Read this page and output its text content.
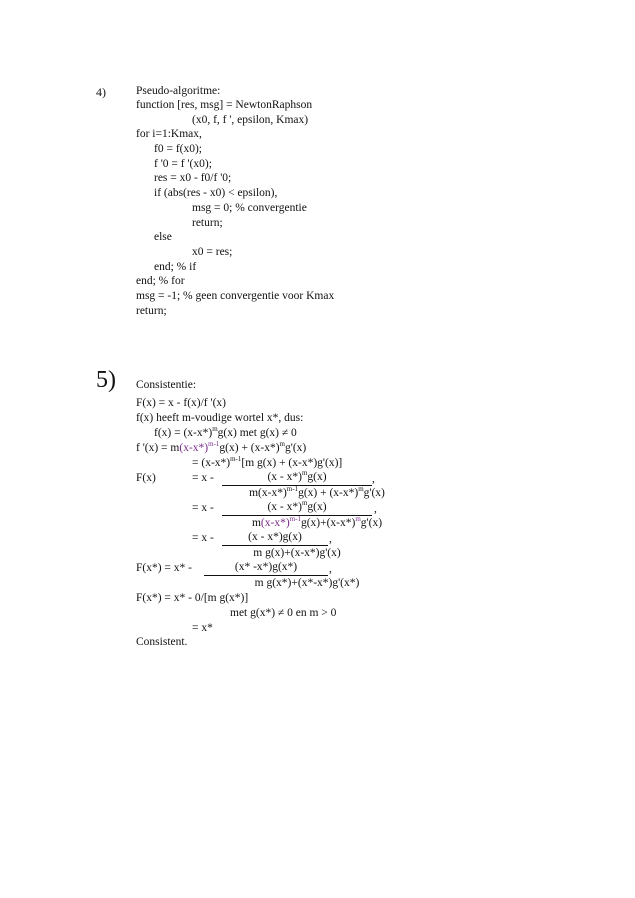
4)	Pseudo-algoritme:
function [res, msg] = NewtonRaphson
(x0, f, f ', epsilon, Kmax)
for i=1:Kmax,
f0 = f(x0);
f '0 = f '(x0);
res = x0 - f0/f '0;
if (abs(res - x0) < epsilon),
msg = 0; % convergentie
return;
else
x0 = res;
end; % if
end; % for
msg = -1; % geen convergentie voor Kmax
return;
5) Consistentie:
F(x) = x - f(x)/f '(x)
f(x) heeft m-voudige wortel x*, dus:
$f(x) = (x-x*)^mg(x)$ met g(x) ≠ 0
f '$(x) = m(x-x*)^{m-1}g(x) + (x-x*)^mg'(x)$
= $(x-x*)^{m-1}[m$ g(x) + (x-x*)g'(x)]
F(x)	= x -	(x - x*)$^m$g(x)	,
$m(x-x*)^{m-1}g(x) + (x-x*)^mg'(x)$
= x -	(x - x*)$^m$g(x)	,
$m(x-x*)^{m-1}g(x)+(x-x*)^mg'(x)$
= x -	(x - x*)g(x)	,
m g(x)+(x-x*)g'(x)
F(x*) = x* -	(x* -x*)g(x*)	,
m g(x*)+(x*-x*)g'(x*)
F(x*) = x* - 0/[m g(x*)]
met g(x*) ≠ 0 en m > 0
= x*
Consistent.
